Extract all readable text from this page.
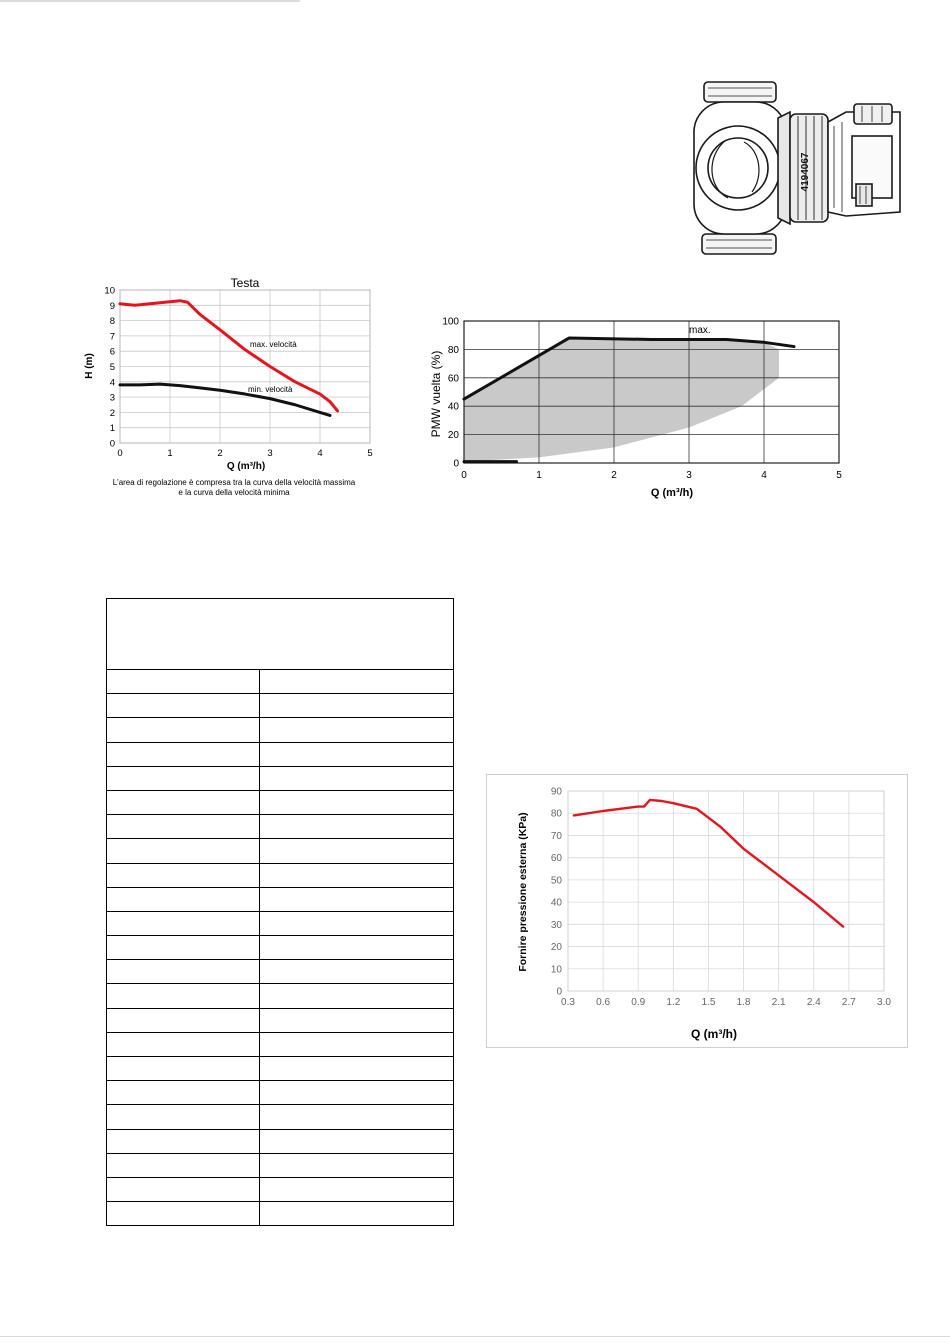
4194067
0	1	2	3	4	5
0
1
2
3
4
5
6
7
8
9
10
Testa
Q (m³/h)
H (m)
L'area di regolazione è compresa tra la curva della velocità massima
e la curva della velocità minima
max. velocità
min. velocità
0	1	2	3	4	5
0
20
40
60
80
100
Q (m³/h)
PMW vuelta (%)
max.

0.3 0.6 0.9 1.2 1.5 1.8 2.1 2.4 2.7 3.0
0
10
20
30
40
50
60
70
80
90
Q (m³/h)
Fornire pressione esterna (KPa)
